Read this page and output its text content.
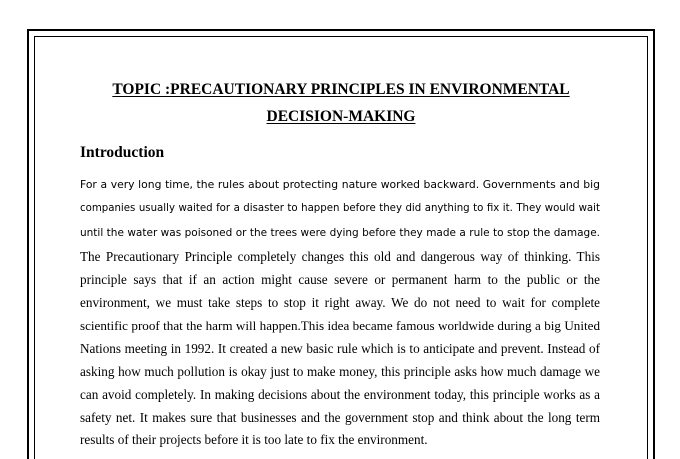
TOPIC :PRECAUTIONARY PRINCIPLES IN ENVIRONMENTAL
DECISION-MAKING
Introduction

For a very long time, the rules about protecting nature worked backward. Governments and big

companies usually waited for a disaster to happen before they did anything to fix it. They would wait

until the water was poisoned or the trees were dying before they made a rule to stop the damage.

The Precautionary Principle completely changes this old and dangerous way of thinking. This

principle says that if an action might cause severe or permanent harm to the public or the

environment, we must take steps to stop it right away. We do not need to wait for complete

scientific proof that the harm will happen.This idea became famous worldwide during a big United

Nations meeting in 1992. It created a new basic rule which is to anticipate and prevent. Instead of

asking how much pollution is okay just to make money, this principle asks how much damage we

can avoid completely. In making decisions about the environment today, this principle works as a

safety net. It makes sure that businesses and the government stop and think about the long term

results of their projects before it is too late to fix the environment.
